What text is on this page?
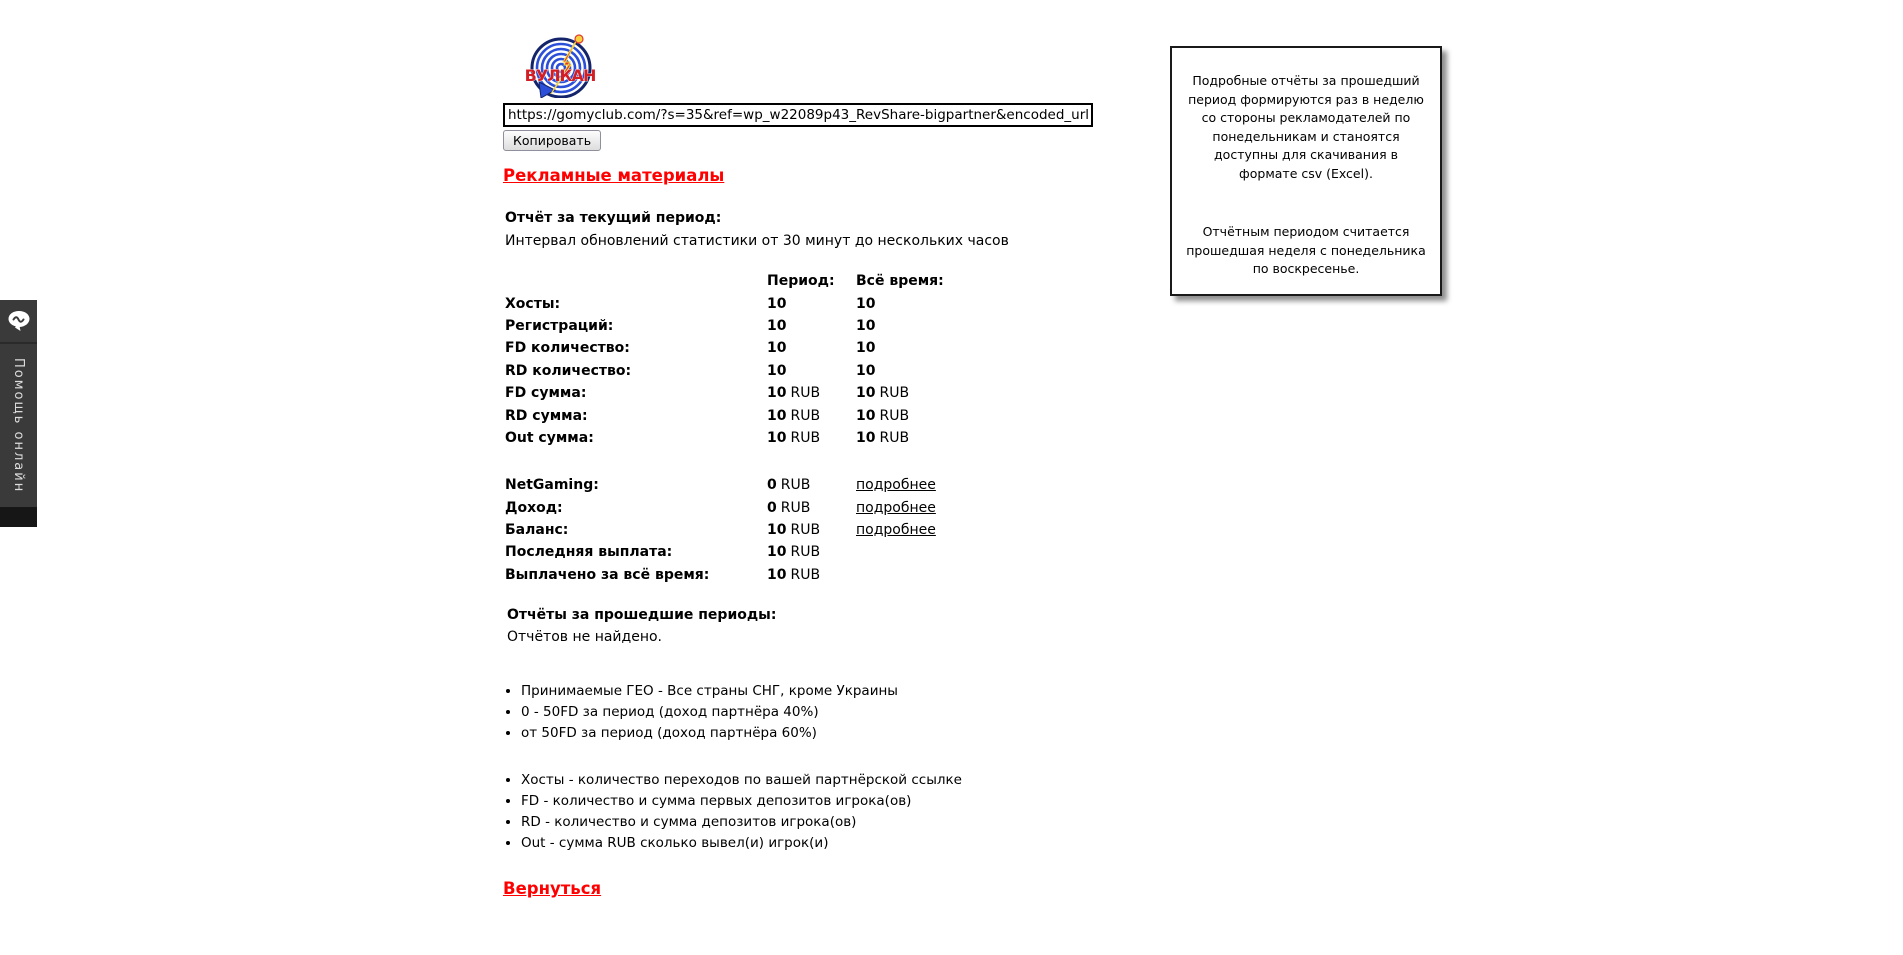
Помощь онлайн
ВУЛКАН
https://gomyclub.com/?s=35&ref=wp_w22089p43_RevShare-bigpartner&encoded_url=cmVnaXN0
Копировать
Рекламные материалы
Отчёт за текущий период:
Интервал обновлений статистики от 30 минут до нескольких часов
	Период:	Всё время:
Хосты:	10	10
Регистраций:	10	10
FD количество:	10	10
RD количество:	10	10
FD сумма:	10 RUB	10 RUB
RD сумма:	10 RUB	10 RUB
Out сумма:	10 RUB	10 RUB
NetGaming:	0 RUB	подробнее
Доход:	0 RUB	подробнее
Баланс:	10 RUB	подробнее
Последняя выплата:	10 RUB	
Выплачено за всё время:	10 RUB	
Отчёты за прошедшие периоды:
Отчётов не найдено.
• Принимаемые ГЕО - Все страны СНГ, кроме Украины
• 0 - 50FD за период (доход партнёра 40%)
• от 50FD за период (доход партнёра 60%)
• Хосты - количество переходов по вашей партнёрской ссылке
• FD - количество и сумма первых депозитов игрока(ов)
• RD - количество и сумма депозитов игрока(ов)
• Out - сумма RUB сколько вывел(и) игрок(и)
Вернуться

Подробные отчёты за прошедший период формируются раз в неделю со стороны рекламодателей по понедельникам и станоятся доступны для скачивания в формате csv (Excel).

Отчётным периодом считается прошедшая неделя с понедельника по воскресенье.
